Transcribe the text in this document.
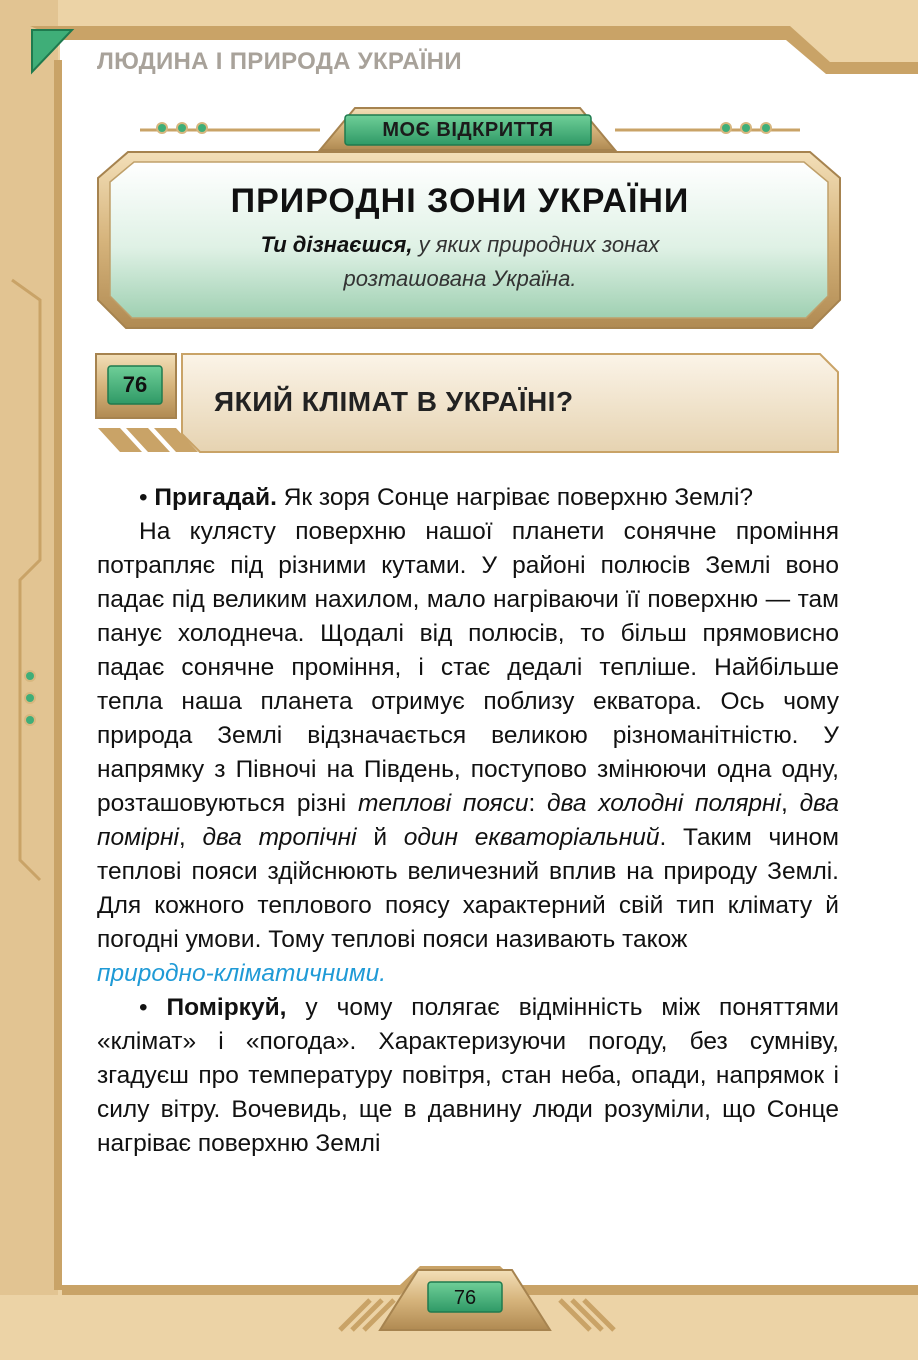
ЛЮДИНА І ПРИРОДА УКРАЇНИ
МОЄ ВІДКРИТТЯ
ПРИРОДНІ ЗОНИ УКРАЇНИ
Ти дізнаєшся, у яких природних зонах
розташована Україна.
76
ЯКИЙ КЛІМАТ В УКРАЇНІ?

• Пригадай. Як зоря Сонце нагріває поверхню Землі?

На кулясту поверхню нашої планети сонячне проміння потрапляє під різними кутами. У районі полюсів Землі воно падає під великим нахилом, мало нагріваючи її поверхню — там панує холоднеча. Щодалі від полюсів, то більш прямовисно падає сонячне проміння, і стає дедалі тепліше. Найбільше тепла наша планета отримує поблизу екватора. Ось чому природа Землі відзначається великою різноманітністю. У напрямку з Півночі на Південь, поступово змінюючи одна одну, розташовуються різні теплові пояси: два холодні полярні, два помірні, два тропічні й один екваторіальний. Таким чином теплові пояси здійснюють величезний вплив на природу Землі. Для кожного теплового поясу характерний свій тип клімату й погодні умови. Тому теплові пояси називають також

природно-кліматичними.

• Поміркуй, у чому полягає відмінність між поняттями «клімат» і «погода». Характеризуючи погоду, без сумніву, згадуєш про температуру повітря, стан неба, опади, напрямок і силу вітру. Вочевидь, ще в давнину люди розуміли, що Сонце нагріває поверхню Землі

76
